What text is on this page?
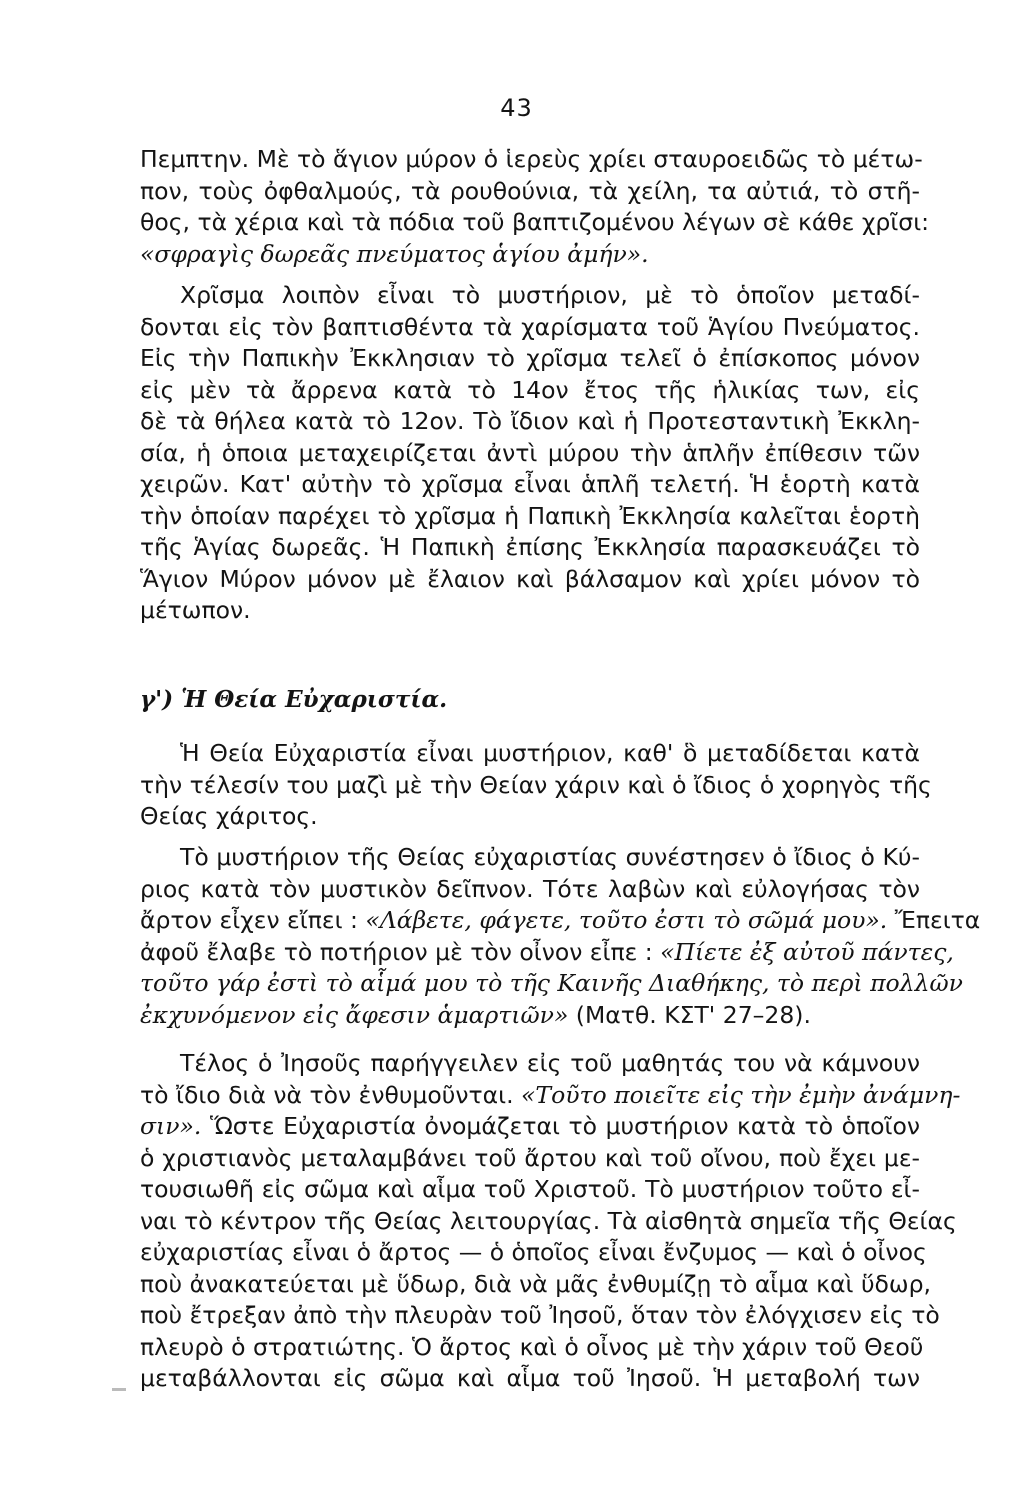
43
Πεμπτην. Μὲ τὸ ἅγιον μύρον ὁ ἱερεὺς χρίει σταυροειδῶς τὸ μέτω-
πον, τοὺς ὀφθαλμούς, τὰ ρουθούνια, τὰ χείλη, τα αὐτιά, τὸ στῆ-
θος, τὰ χέρια καὶ τὰ πόδια τοῦ βαπτιζομένου λέγων σὲ κάθε χρῖσι:
«σφραγὶς δωρεᾶς πνεύματος ἁγίου ἀμήν».
Χρῖσμα λοιπὸν εἶναι τὸ μυστήριον, μὲ τὸ ὁποῖον μεταδί-
δονται εἰς τὸν βαπτισθέντα τὰ χαρίσματα τοῦ Ἁγίου Πνεύματος.
Εἰς τὴν Παπικὴν Ἐκκλησιαν τὸ χρῖσμα τελεῖ ὁ ἐπίσκοπος μόνον
εἰς μὲν τὰ ἄρρενα κατὰ τὸ 14ον ἔτος τῆς ἡλικίας των, εἰς
δὲ τὰ θήλεα κατὰ τὸ 12ον. Τὸ ἴδιον καὶ ἡ Προτεσταντικὴ Ἐκκλη-
σία, ἡ ὁποια μεταχειρίζεται ἀντὶ μύρου τὴν ἁπλῆν ἐπίθεσιν τῶν
χειρῶν. Κατ' αὐτὴν τὸ χρῖσμα εἶναι ἁπλῆ τελετή. Ἡ ἑορτὴ κατὰ
τὴν ὁποίαν παρέχει τὸ χρῖσμα ἡ Παπικὴ Ἐκκλησία καλεῖται ἑορτὴ
τῆς Ἁγίας δωρεᾶς. Ἡ Παπικὴ ἐπίσης Ἐκκλησία παρασκευάζει τὸ
Ἅγιον Μύρον μόνον μὲ ἔλαιον καὶ βάλσαμον καὶ χρίει μόνον τὸ
μέτωπον.
γ') Ἡ Θεία Εὐχαριστία.
Ἡ Θεία Εὐχαριστία εἶναι μυστήριον, καθ' ὃ μεταδίδεται κατὰ
τὴν τέλεσίν του μαζὶ μὲ τὴν Θείαν χάριν καὶ ὁ ἴδιος ὁ χορηγὸς τῆς
Θείας χάριτος.
Τὸ μυστήριον τῆς Θείας εὐχαριστίας συνέστησεν ὁ ἴδιος ὁ Κύ-
ριος κατὰ τὸν μυστικὸν δεῖπνον. Τότε λαβὼν καὶ εὐλογήσας τὸν
ἄρτον εἶχεν εἴπει : «Λάβετε, φάγετε, τοῦτο ἐστι τὸ σῶμά μου». Ἔπειτα
ἀφοῦ ἔλαβε τὸ ποτήριον μὲ τὸν οἶνον εἶπε : «Πίετε ἐξ αὐτοῦ πάντες,
τοῦτο γάρ ἐστὶ τὸ αἷμά μου τὸ τῆς Καινῆς Διαθήκης, τὸ περὶ πολλῶν
ἐκχυνόμενον εἰς ἄφεσιν ἁμαρτιῶν» (Ματθ. ΚΣΤ' 27–28).
Τέλος ὁ Ἰησοῦς παρήγγειλεν εἰς τοῦ μαθητάς του νὰ κάμνουν
τὸ ἴδιο διὰ νὰ τὸν ἐνθυμοῦνται. «Τοῦτο ποιεῖτε εἰς τὴν ἐμὴν ἀνάμνη-
σιν». Ὥστε Εὐχαριστία ὀνομάζεται τὸ μυστήριον κατὰ τὸ ὁποῖον
ὁ χριστιανὸς μεταλαμβάνει τοῦ ἄρτου καὶ τοῦ οἴνου, ποὺ ἔχει με-
τουσιωθῆ εἰς σῶμα καὶ αἷμα τοῦ Χριστοῦ. Τὸ μυστήριον τοῦτο εἶ-
ναι τὸ κέντρον τῆς Θείας λειτουργίας. Τὰ αἰσθητὰ σημεῖα τῆς Θείας
εὐχαριστίας εἶναι ὁ ἄρτος — ὁ ὁποῖος εἶναι ἔνζυμος — καὶ ὁ οἶνος
ποὺ ἀνακατεύεται μὲ ὕδωρ, διὰ νὰ μᾶς ἐνθυμίζῃ τὸ αἷμα καὶ ὕδωρ,
ποὺ ἔτρεξαν ἀπὸ τὴν πλευρὰν τοῦ Ἰησοῦ, ὅταν τὸν ἐλόγχισεν εἰς τὸ
πλευρὸ ὁ στρατιώτης. Ὁ ἄρτος καὶ ὁ οἶνος μὲ τὴν χάριν τοῦ Θεοῦ
μεταβάλλονται εἰς σῶμα καὶ αἷμα τοῦ Ἰησοῦ. Ἡ μεταβολή των
